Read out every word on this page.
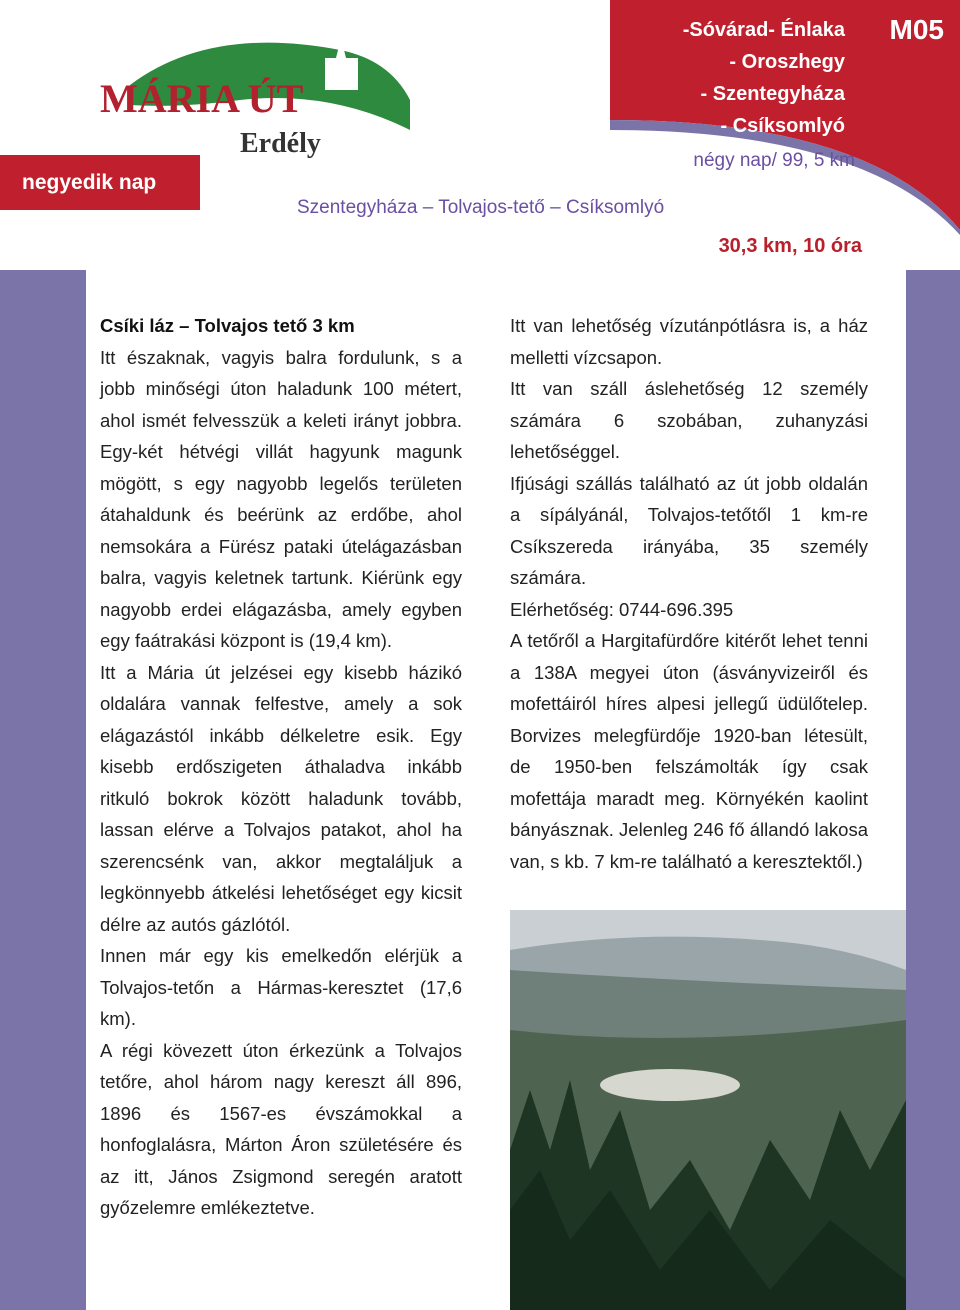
MÁRIA ÚT
Erdély
negyedik nap
Szentegyháza – Tolvajos-tető – Csíksomlyó
-Sóvárad- Énlaka
- Oroszhegy
- Szentegyháza
- Csíksomlyó
M05
négy nap/ 99, 5 km
30,3 km, 10 óra

Csíki láz – Tolvajos tető 3 km

Itt északnak, vagyis balra fordulunk, s a jobb minőségi úton haladunk 100 métert, ahol ismét felvesszük a keleti irányt jobbra. Egy-két hétvégi villát hagyunk magunk mögött, s egy nagyobb legelős területen átahaldunk és beérünk az erdőbe, ahol nemsokára a Fürész pataki útelágazásban balra, vagyis keletnek tartunk. Kiérünk egy nagyobb erdei elágazásba, amely egyben egy faátrakási központ is (19,4 km).

Itt a Mária út jelzései egy kisebb házikó oldalára vannak felfestve, amely a sok elágazástól inkább délkeletre esik. Egy kisebb erdőszigeten áthaladva inkább ritkuló bokrok között haladunk tovább, lassan elérve a Tolvajos patakot, ahol ha szerencsénk van, akkor megtaláljuk a legkönnyebb átkelési lehetőséget egy kicsit délre az autós gázlótól.

Innen már egy kis emelkedőn elérjük a Tolvajos-tetőn a Hármas-keresztet (17,6 km).

A régi kövezett úton érkezünk a Tolvajos tetőre, ahol három nagy kereszt áll 896, 1896 és 1567-es évszámokkal a honfoglalásra, Márton Áron születésére és az itt, János Zsigmond seregén aratott győzelemre emlékeztetve.

Itt van lehetőség vízutánpótlásra is, a ház melletti vízcsapon.

Itt van száll áslehetőség 12 személy számára 6 szobában, zuhanyzási lehetőséggel.

Ifjúsági szállás található az út jobb oldalán a sípályánál, Tolvajos-tetőtől 1 km-re Csíkszereda irányába, 35 személy számára.

Elérhetőség: 0744-696.395

A tetőről a Hargitafürdőre kitérőt lehet tenni a 138A megyei úton (ásványvizeiről és mofettáiról híres alpesi jellegű üdülőtelep. Borvizes melegfürdője 1920-ban létesült, de 1950-ben felszámolták így csak mofettája maradt meg. Környékén kaolint bányásznak. Jelenleg 246 fő állandó lakosa van, s kb. 7 km-re található a keresztektől.)
